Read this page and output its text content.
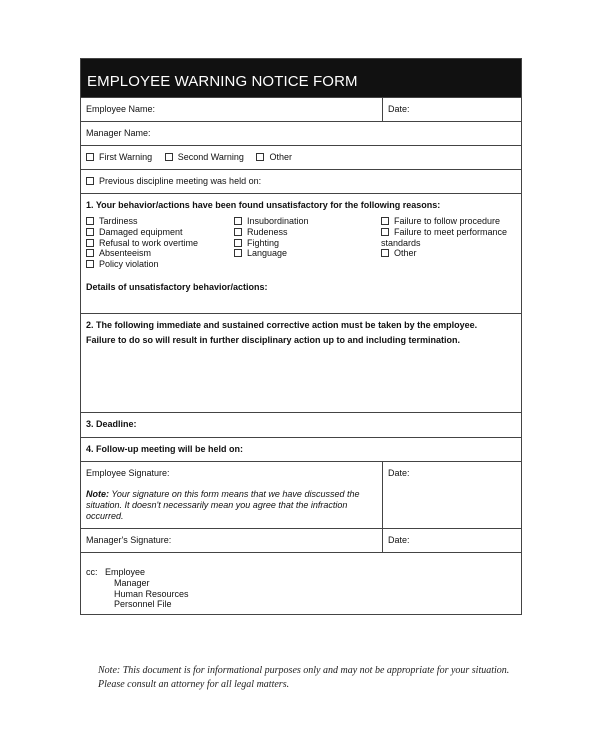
EMPLOYEE WARNING NOTICE FORM
Employee Name:	Date:
Manager Name:
First Warning	Second Warning	Other
Previous discipline meeting was held on:
1. Your behavior/actions have been found unsatisfactory for the following reasons:
Tardiness
Damaged equipment
Refusal to work overtime
Absenteeism
Policy violation
Insubordination
Rudeness
Fighting
Language
Failure to follow procedure
Failure to meet performance
standards
Other
Details of unsatisfactory behavior/actions:
2. The following immediate and sustained corrective action must be taken by the employee.
Failure to do so will result in further disciplinary action up to and including termination.
3. Deadline:
4. Follow-up meeting will be held on:
Employee Signature:
Note: Your signature on this form means that we have discussed the situation. It doesn't necessarily mean you agree that the infraction occurred.
Date:
Manager's Signature:	Date:
cc: Employee
Manager
Human Resources
Personnel File
Note: This document is for informational purposes only and may not be appropriate for your situation. Please consult an attorney for all legal matters.
